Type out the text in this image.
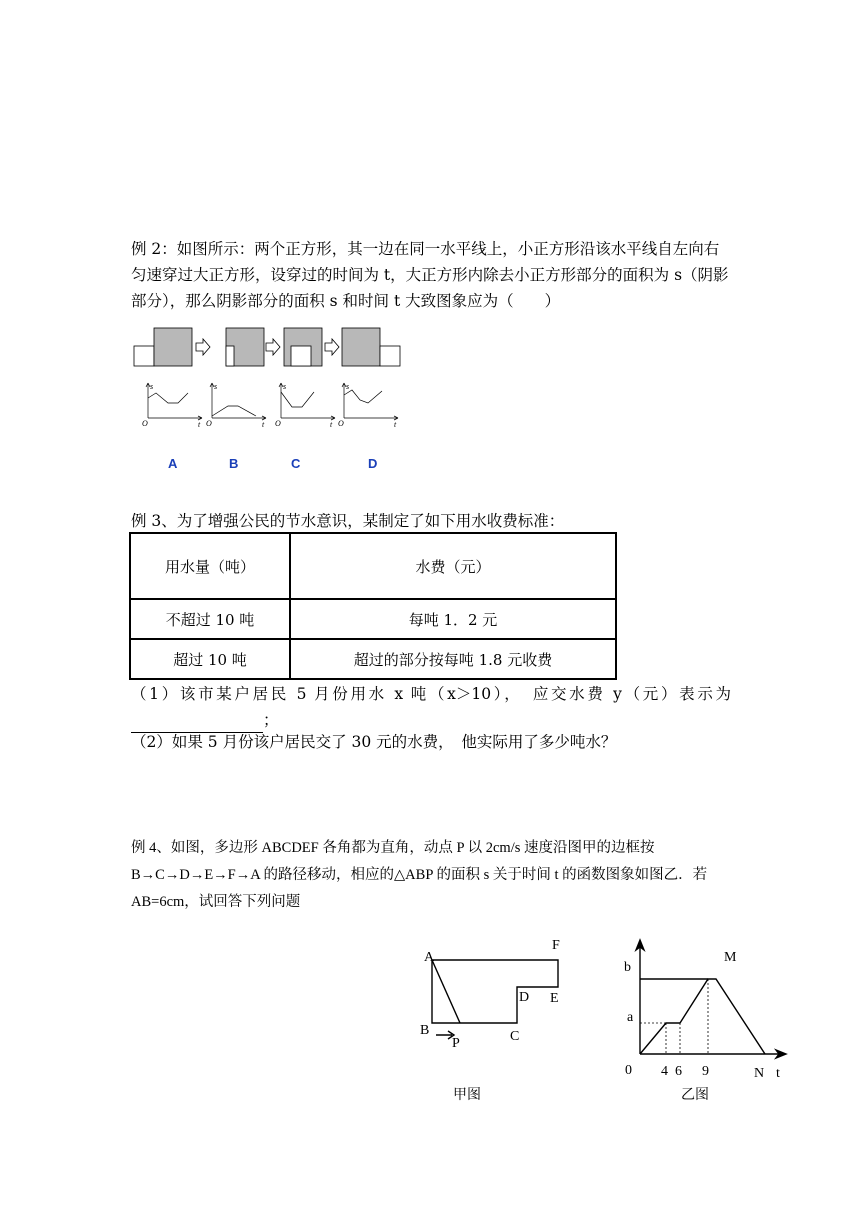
例 2：如图所示：两个正方形，其一边在同一水平线上，小正方形沿该水平线自左向右匀速穿过大正方形，设穿过的时间为 t，大正方形内除去小正方形部分的面积为 s（阴影部分），那么阴影部分的面积 s 和时间 t 大致图象应为（　　）
s
t
O
s
t
O
s
t
O
s
t
O
A	B	C	D
例 3、为了增强公民的节水意识，某制定了如下用水收费标准：
用水量（吨）	水费（元）
不超过 10 吨	每吨 1．2 元
超过 10 吨	超过的部分按每吨 1.8 元收费
（1）该市某户居民 5 月份用水 x 吨（x＞10），　应交水费 y（元）表示为；
（2）如果 5 月份该户居民交了 30 元的水费，　他实际用了多少吨水？
例 4、如图，多边形 ABCDEF 各角都为直角，动点 P 以 2cm/s 速度沿图甲的边框按 B→C→D→E→F→A 的路径移动，相应的△ABP 的面积 s 关于时间 t 的函数图象如图乙．若 AB=6cm，试回答下列问题
A
B	C
D E
F
P
甲图
b
a
M
0 4 6 9	N t
乙图
